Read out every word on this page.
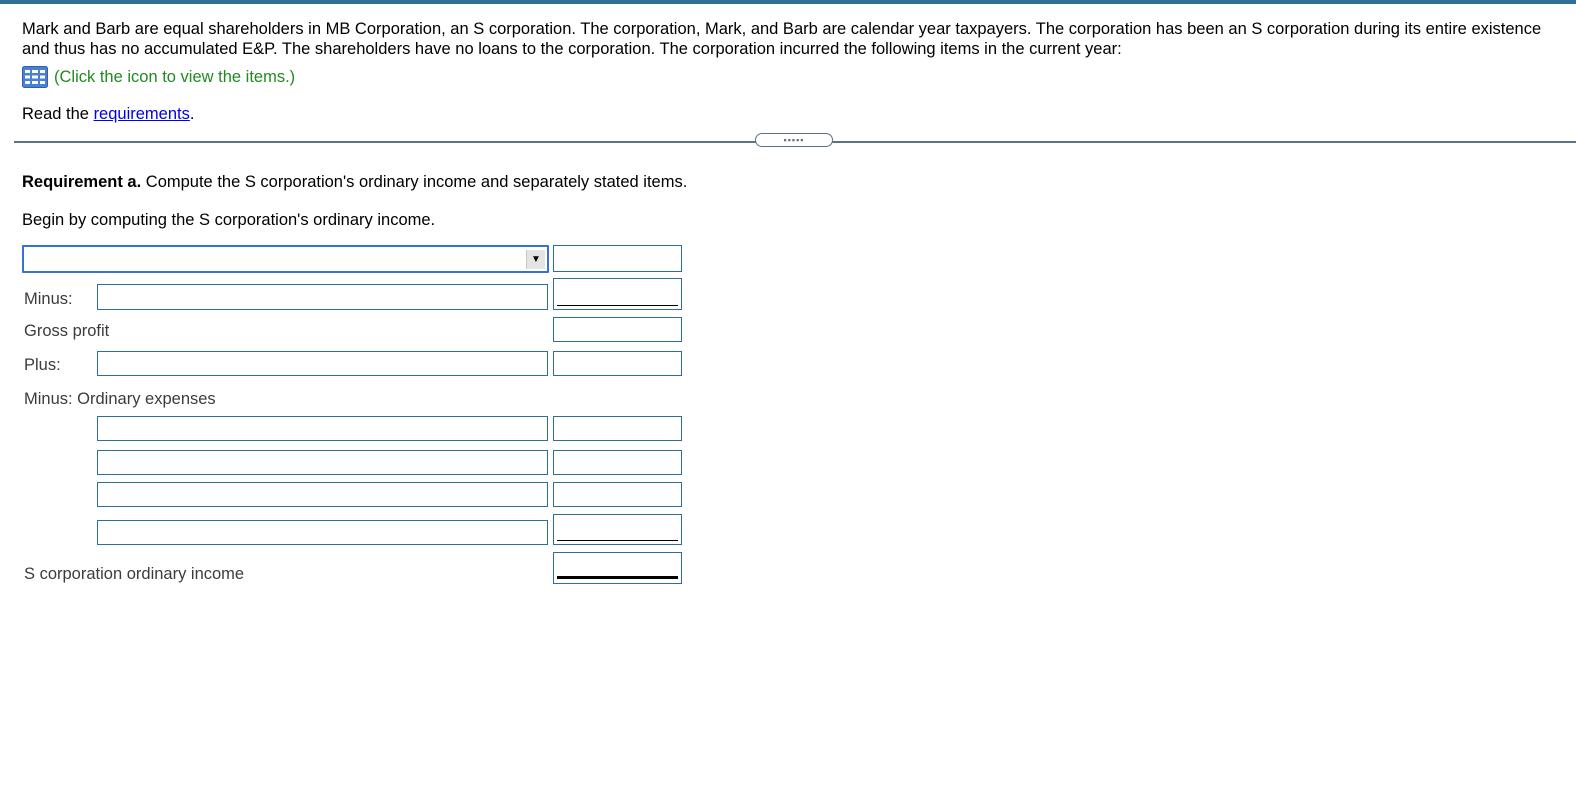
Mark and Barb are equal shareholders in MB Corporation, an S corporation. The corporation, Mark, and Barb are calendar year taxpayers. The corporation has been an S corporation during its entire existence and thus has no accumulated E&P. The shareholders have no loans to the corporation. The corporation incurred the following items in the current year:
(Click the icon to view the items.)
Read the requirements.
▪▪▪▪▪
Requirement a. Compute the S corporation's ordinary income and separately stated items.
Begin by computing the S corporation's ordinary income.
▼
Minus:
Gross profit
Plus:
Minus: Ordinary expenses
S corporation ordinary income
